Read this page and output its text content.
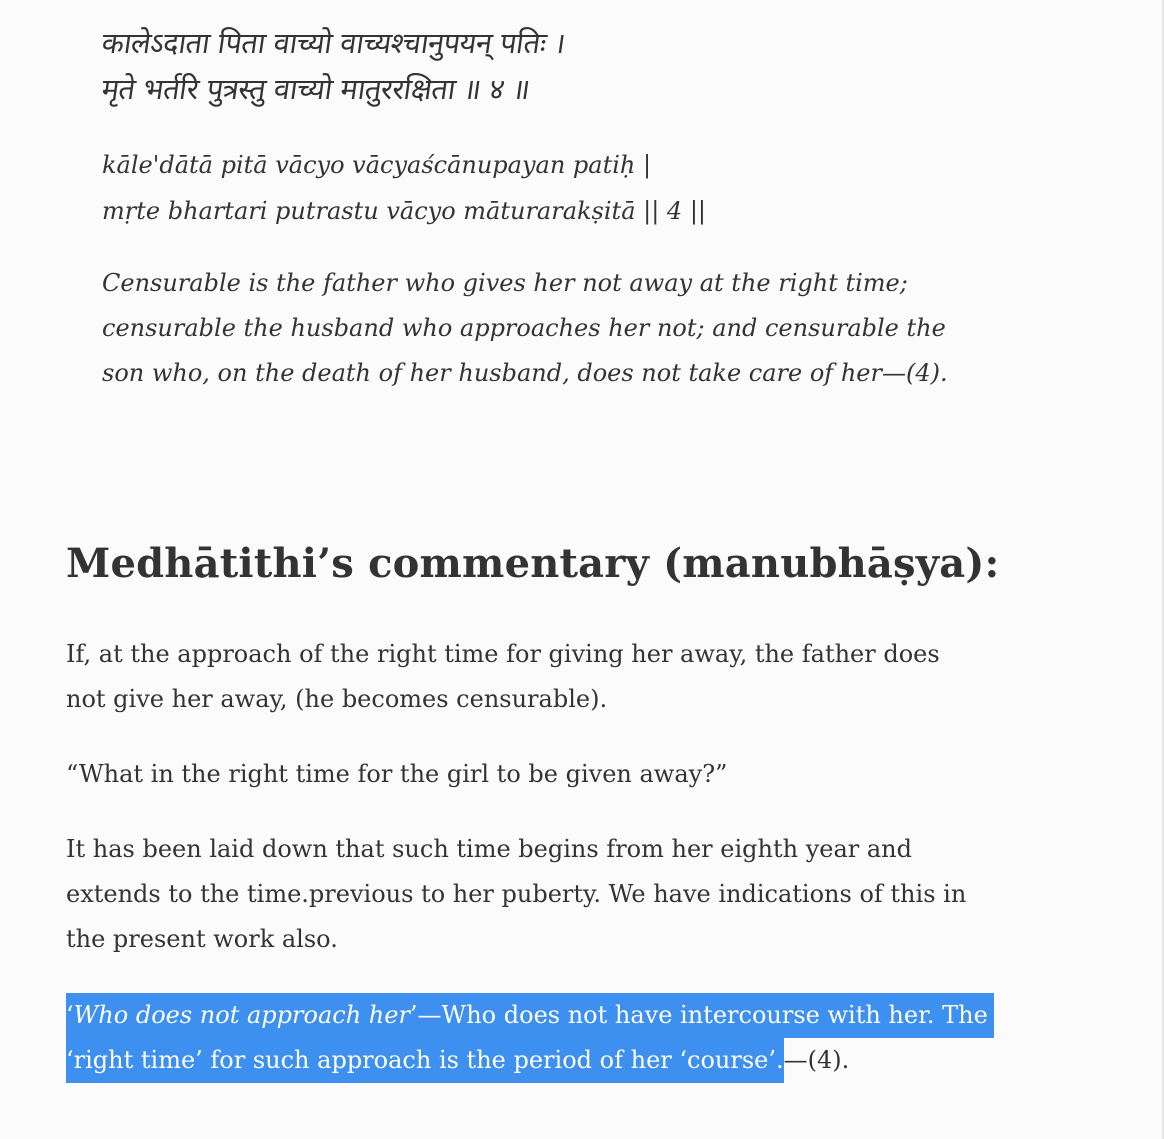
कालेऽदाता पिता वाच्यो वाच्यश्चानुपयन् पतिः ।
मृते भर्तरि पुत्रस्तु वाच्यो मातुररक्षिता ॥ ४ ॥
kāle'dātā pitā vācyo vācyaścānupayan patiḥ |
mṛte bhartari putrastu vācyo māturarakṣitā || 4 ||
Censurable is the father who gives her not away at the right time;
censurable the husband who approaches her not; and censurable the
son who, on the death of her husband, does not take care of her—(4).
Medhātithi’s commentary (manubhāṣya):

If, at the approach of the right time for giving her away, the father does
not give her away, (he becomes censurable).

“What in the right time for the girl to be given away?”

It has been laid down that such time begins from her eighth year and
extends to the time.previous to her puberty. We have indications of this in
the present work also.

‘Who does not approach her’—Who does not have intercourse with her. The
‘right time’ for such approach is the period of her ‘course’.—(4).
